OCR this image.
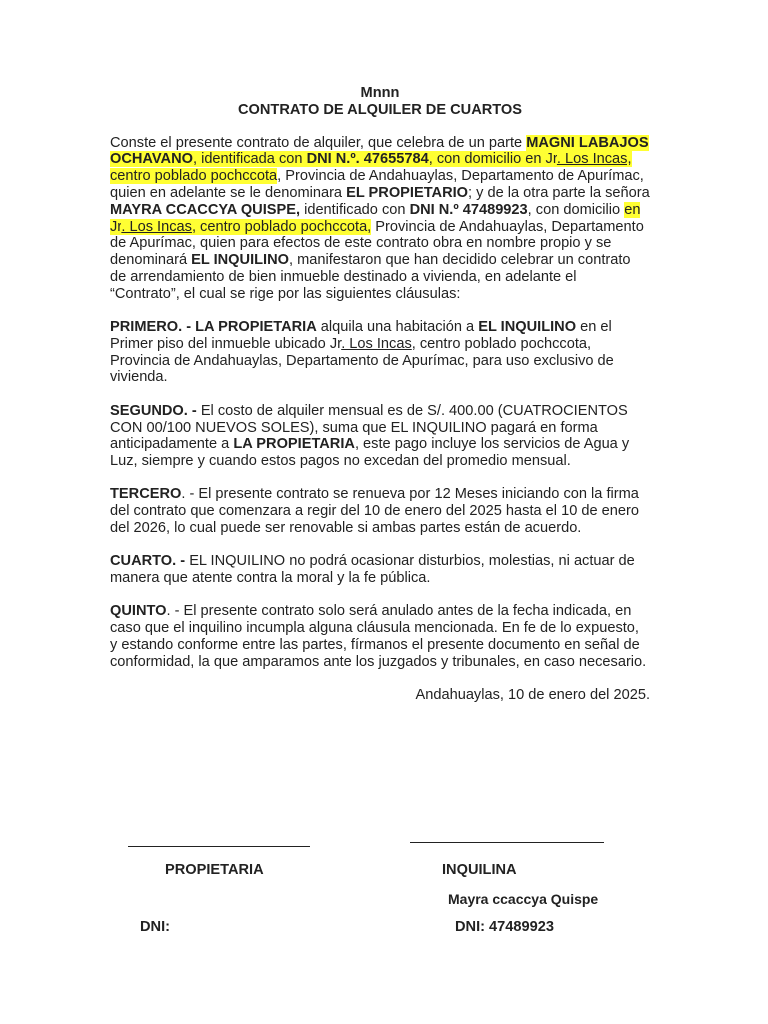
Mnnn

CONTRATO DE ALQUILER DE CUARTOS

Conste el presente contrato de alquiler, que celebra de un parte MAGNI LABAJOS OCHAVANO, identificada con DNI N.º. 47655784, con domicilio en Jr. Los Incas, centro poblado pochccota, Provincia de Andahuaylas, Departamento de Apurímac, quien en adelante se le denominara EL PROPIETARIO; y de la otra parte la señora MAYRA CCACCYA QUISPE, identificado con DNI N.º 47489923, con domicilio en Jr. Los Incas, centro poblado pochccota, Provincia de Andahuaylas, Departamento de Apurímac, quien para efectos de este contrato obra en nombre propio y se denominará EL INQUILINO, manifestaron que han decidido celebrar un contrato de arrendamiento de bien inmueble destinado a vivienda, en adelante el “Contrato”, el cual se rige por las siguientes cláusulas:

PRIMERO. - LA PROPIETARIA alquila una habitación a EL INQUILINO en el Primer piso del inmueble ubicado Jr. Los Incas, centro poblado pochccota, Provincia de Andahuaylas, Departamento de Apurímac, para uso exclusivo de vivienda.

SEGUNDO. - El costo de alquiler mensual es de S/. 400.00 (CUATROCIENTOS CON 00/100 NUEVOS SOLES), suma que EL INQUILINO pagará en forma anticipadamente a LA PROPIETARIA, este pago incluye los servicios de Agua y Luz, siempre y cuando estos pagos no excedan del promedio mensual.

TERCERO. - El presente contrato se renueva por 12 Meses iniciando con la firma del contrato que comenzara a regir del 10 de enero del 2025 hasta el 10 de enero del 2026, lo cual puede ser renovable si ambas partes están de acuerdo.

CUARTO. - EL INQUILINO no podrá ocasionar disturbios, molestias, ni actuar de manera que atente contra la moral y la fe pública.

QUINTO. - El presente contrato solo será anulado antes de la fecha indicada, en caso que el inquilino incumpla alguna cláusula mencionada. En fe de lo expuesto, y estando conforme entre las partes, fírmanos el presente documento en señal de conformidad, la que amparamos ante los juzgados y tribunales, en caso necesario.

Andahuaylas, 10 de enero del 2025.

PROPIETARIA	INQUILINA
Mayra ccaccya Quispe
DNI:	DNI: 47489923
